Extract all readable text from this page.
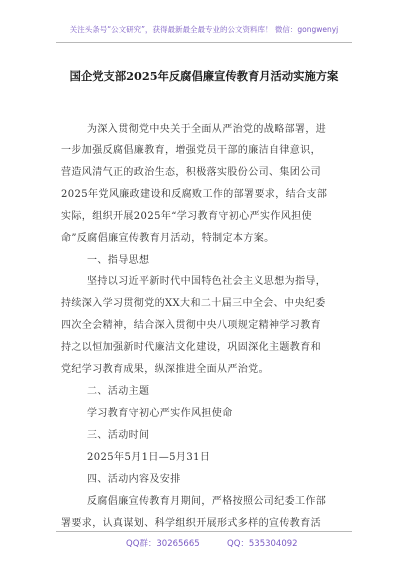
关注头条号“公文研究”，获得最新最全最专业的公文资料库！ 微信：gongwenyj
国企党支部2025年反腐倡廉宣传教育月活动实施方案
为深入贯彻党中央关于全面从严治党的战略部署，进
一步加强反腐倡廉教育，增强党员干部的廉洁自律意识，
营造风清气正的政治生态，积极落实股份公司、集团公司
2025年党风廉政建设和反腐败工作的部署要求，结合支部
实际，组织开展2025年“学习教育守初心严实作风担使
命”反腐倡廉宣传教育月活动，特制定本方案。
一、指导思想
坚持以习近平新时代中国特色社会主义思想为指导，
持续深入学习贯彻党的XX大和二十届三中全会、中央纪委
四次全会精神，结合深入贯彻中央八项规定精神学习教育
持之以恒加强新时代廉洁文化建设，巩固深化主题教育和
党纪学习教育成果，纵深推进全面从严治党。
二、活动主题
学习教育守初心严实作风担使命
三、活动时间
2025年5月1日—5月31日
四、活动内容及安排
反腐倡廉宣传教育月期间，严格按照公司纪委工作部
署要求，认真谋划、科学组织开展形式多样的宣传教育活
QQ群：30265665	QQ：535304092
